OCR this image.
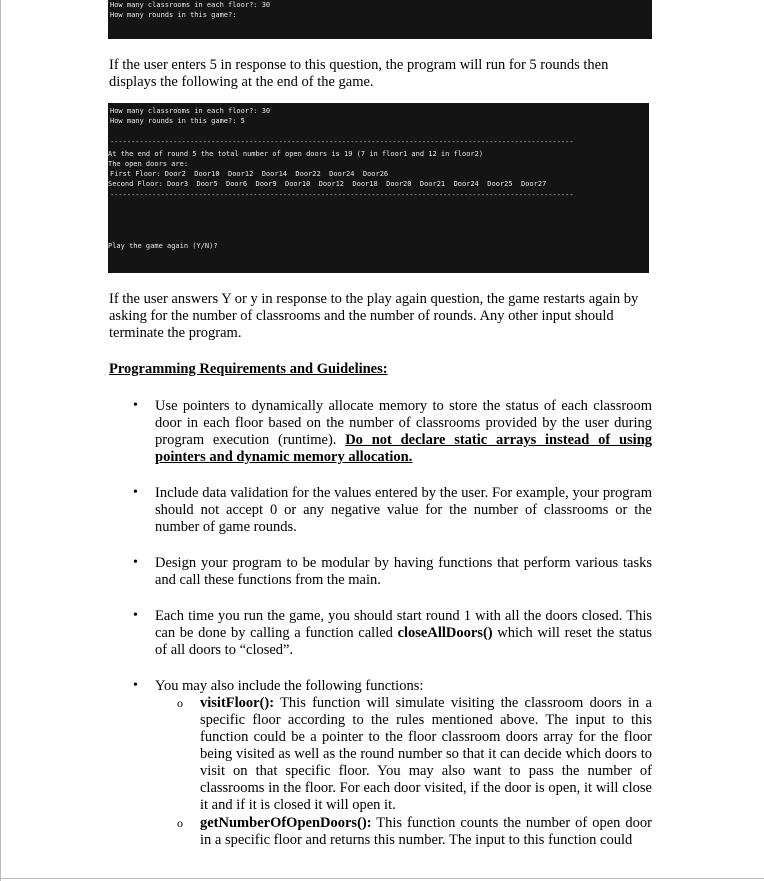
How many classrooms in each floor?: 30

How many rounds in this game?:

If the user enters 5 in response to this question, the program will run for 5 rounds then displays the following at the end of the game.

How many classrooms in each floor?: 30

How many rounds in this game?: 5

--------------------------------------------------------------------------------------------------------------

At the end of round 5 the total number of open doors is 19 (7 in floor1 and 12 in floor2)

The open doors are:

First Floor: Door2  Door10  Door12  Door14  Door22  Door24  Door26

Second Floor: Door3  Door5  Door6  Door9  Door10  Door12  Door18  Door20  Door21  Door24  Door25  Door27

--------------------------------------------------------------------------------------------------------------

Play the game again (Y/N)?

If the user answers Y or y in response to the play again question, the game restarts again by asking for the number of classrooms and the number of rounds. Any other input should terminate the program.
Programming Requirements and Guidelines:
• Use pointers to dynamically allocate memory to store the status of each classroom door in each floor based on the number of classrooms provided by the user during program execution (runtime). Do not declare static arrays instead of using pointers and dynamic memory allocation.
• Include data validation for the values entered by the user. For example, your program should not accept 0 or any negative value for the number of classrooms or the number of game rounds.
• Design your program to be modular by having functions that perform various tasks and call these functions from the main.
• Each time you run the game, you should start round 1 with all the doors closed. This can be done by calling a function called closeAllDoors() which will reset the status of all doors to “closed”.
• You may also include the following functions:
o visitFloor(): This function will simulate visiting the classroom doors in a specific floor according to the rules mentioned above. The input to this function could be a pointer to the floor classroom doors array for the floor being visited as well as the round number so that it can decide which doors to visit on that specific floor. You may also want to pass the number of classrooms in the floor. For each door visited, if the door is open, it will close it and if it is closed it will open it.
o getNumberOfOpenDoors(): This function counts the number of open door in a specific floor and returns this number. The input to this function could
